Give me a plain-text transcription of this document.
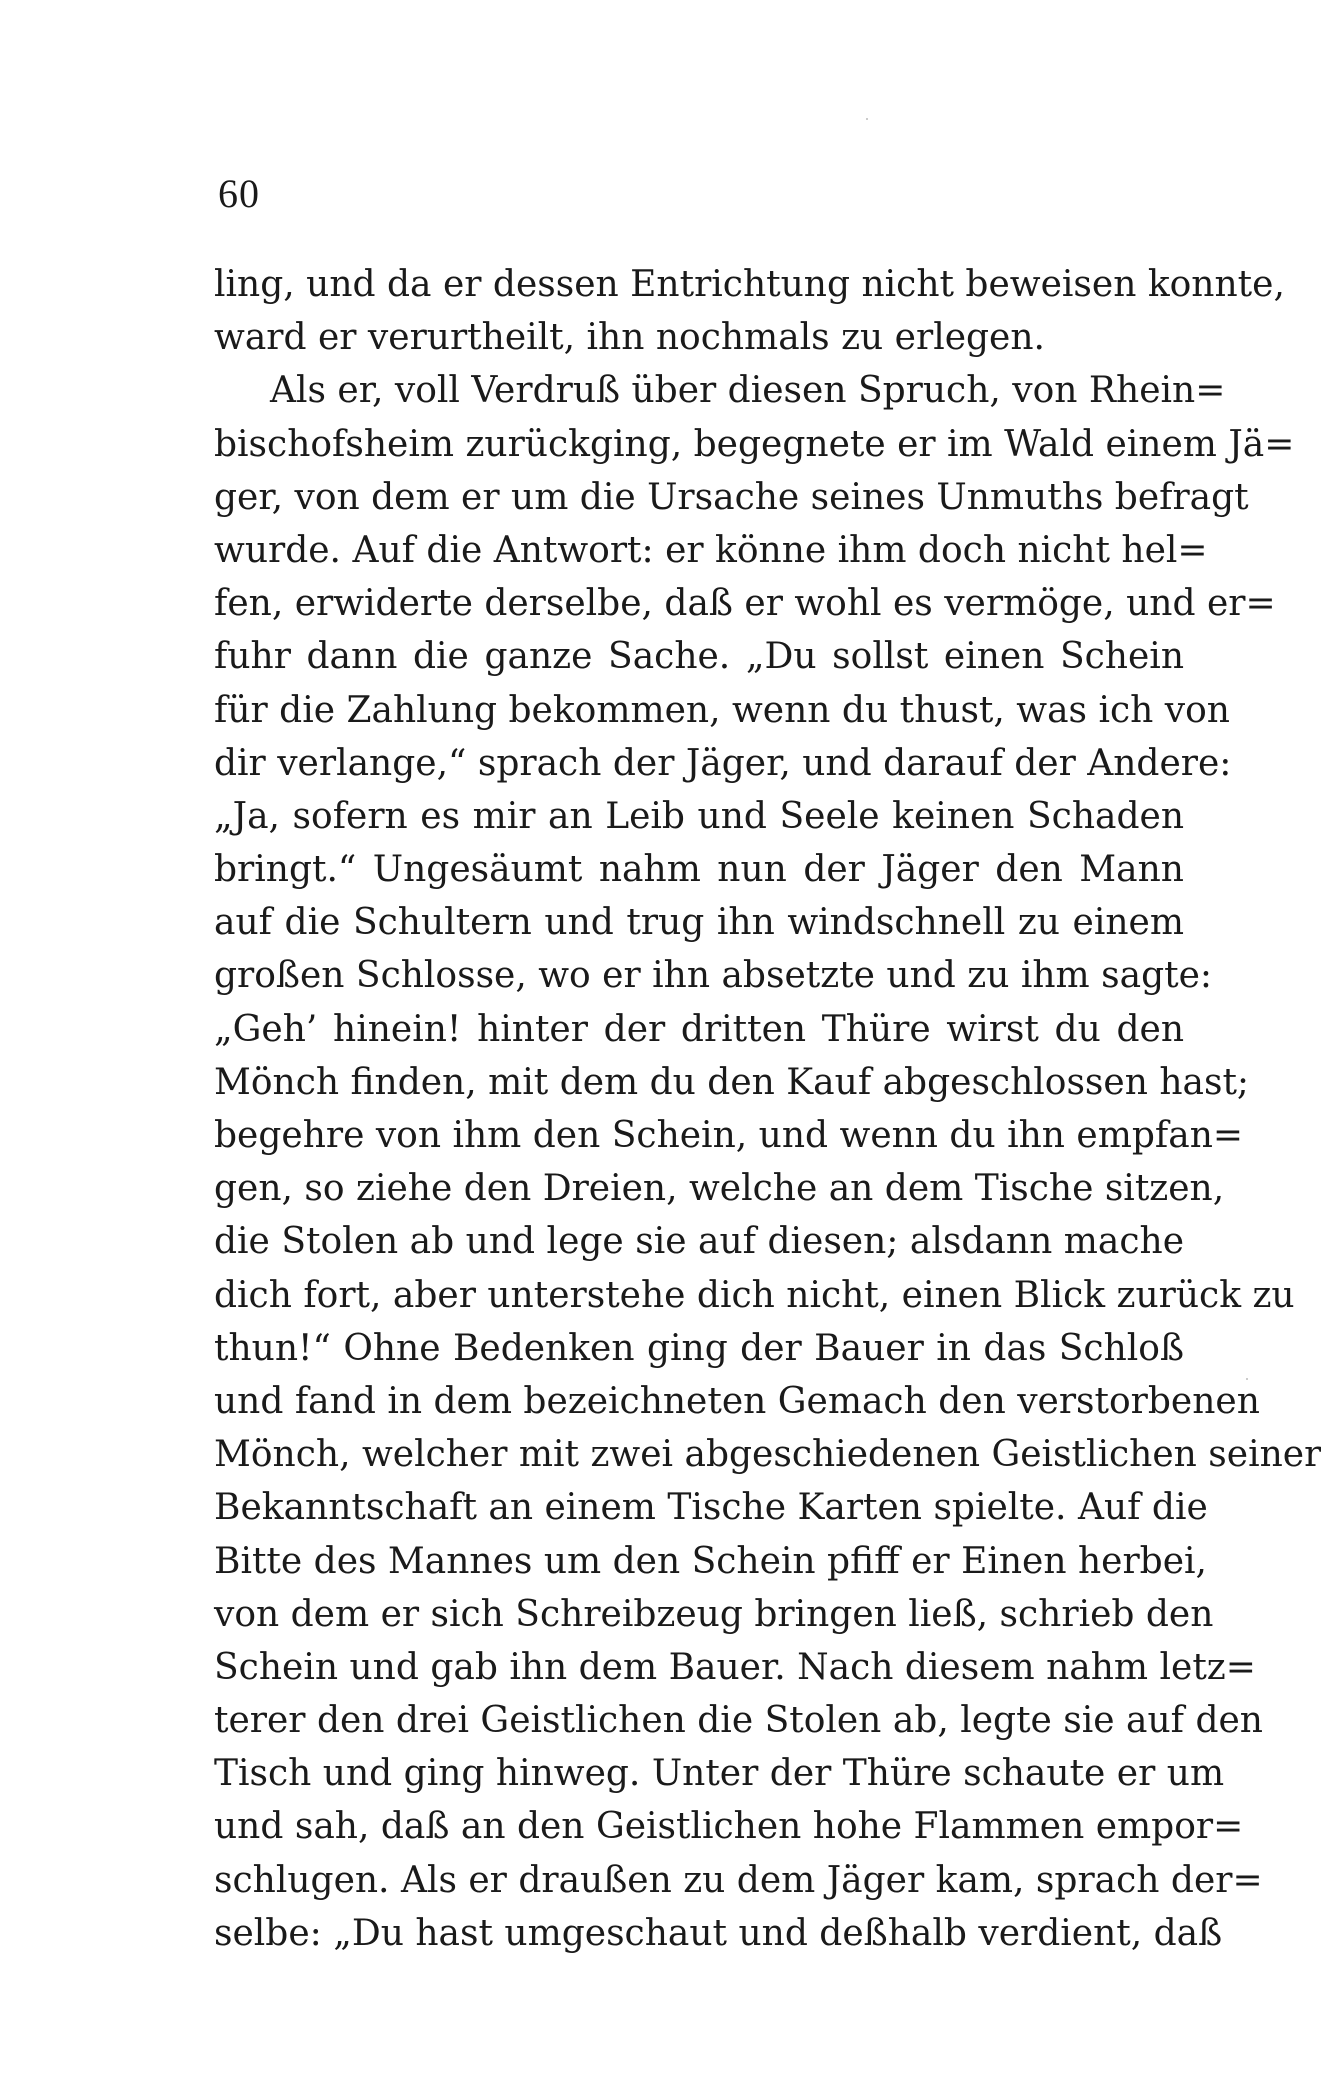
60
ling, und da er dessen Entrichtung nicht beweisen konnte,
ward er verurtheilt, ihn nochmals zu erlegen.
Als er, voll Verdruß über diesen Spruch, von Rhein=
bischofsheim zurückging, begegnete er im Wald einem Jä=
ger, von dem er um die Ursache seines Unmuths befragt
wurde. Auf die Antwort: er könne ihm doch nicht hel=
fen, erwiderte derselbe, daß er wohl es vermöge, und er=
fuhr dann die ganze Sache. „Du sollst einen Schein
für die Zahlung bekommen, wenn du thust, was ich von
dir verlange,“ sprach der Jäger, und darauf der Andere:
„Ja, sofern es mir an Leib und Seele keinen Schaden
bringt.“ Ungesäumt nahm nun der Jäger den Mann
auf die Schultern und trug ihn windschnell zu einem
großen Schlosse, wo er ihn absetzte und zu ihm sagte:
„Geh’ hinein! hinter der dritten Thüre wirst du den
Mönch finden, mit dem du den Kauf abgeschlossen hast;
begehre von ihm den Schein, und wenn du ihn empfan=
gen, so ziehe den Dreien, welche an dem Tische sitzen,
die Stolen ab und lege sie auf diesen; alsdann mache
dich fort, aber unterstehe dich nicht, einen Blick zurück zu
thun!“ Ohne Bedenken ging der Bauer in das Schloß
und fand in dem bezeichneten Gemach den verstorbenen
Mönch, welcher mit zwei abgeschiedenen Geistlichen seiner
Bekanntschaft an einem Tische Karten spielte. Auf die
Bitte des Mannes um den Schein pfiff er Einen herbei,
von dem er sich Schreibzeug bringen ließ, schrieb den
Schein und gab ihn dem Bauer. Nach diesem nahm letz=
terer den drei Geistlichen die Stolen ab, legte sie auf den
Tisch und ging hinweg. Unter der Thüre schaute er um
und sah, daß an den Geistlichen hohe Flammen empor=
schlugen. Als er draußen zu dem Jäger kam, sprach der=
selbe: „Du hast umgeschaut und deßhalb verdient, daß
